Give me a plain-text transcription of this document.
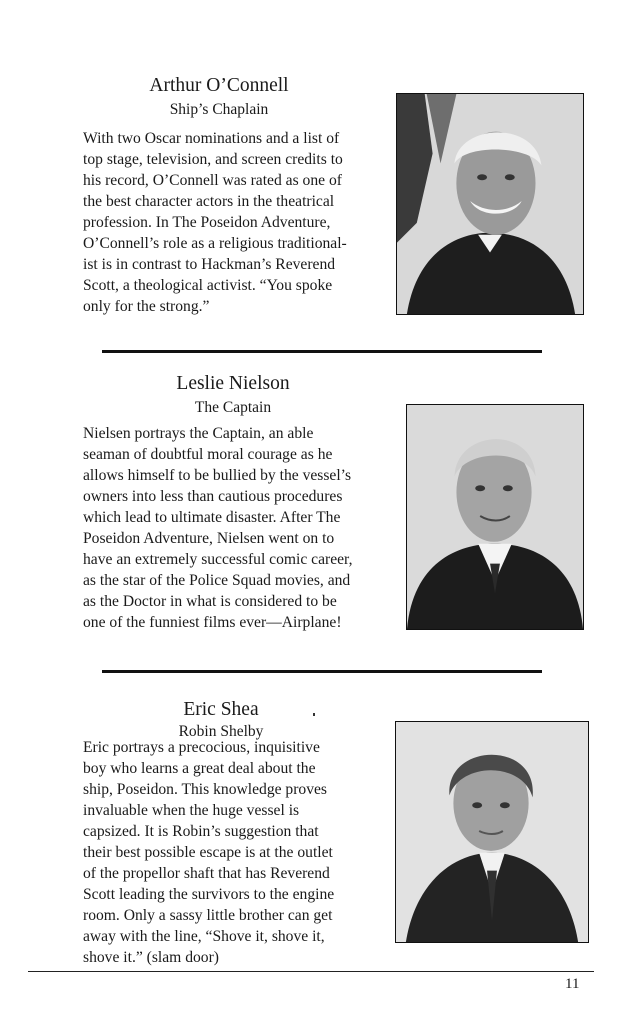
Arthur O’Connell
Ship’s Chaplain
With two Oscar nominations and a list of
top stage, television, and screen credits to
his record, O’Connell was rated as one of
the best character actors in the theatrical
profession. In The Poseidon Adventure,
O’Connell’s role as a religious traditional-
ist is in contrast to Hackman’s Reverend
Scott, a theological activist. “You spoke
only for the strong.”
Leslie Nielson
The Captain
Nielsen portrays the Captain, an able
seaman of doubtful moral courage as he
allows himself to be bullied by the vessel’s
owners into less than cautious procedures
which lead to ultimate disaster. After The
Poseidon Adventure, Nielsen went on to
have an extremely successful comic career,
as the star of the Police Squad movies, and
as the Doctor in what is considered to be
one of the funniest films ever—Airplane!
Eric Shea
Robin Shelby
Eric portrays a precocious, inquisitive
boy who learns a great deal about the
ship, Poseidon. This knowledge proves
invaluable when the huge vessel is
capsized. It is Robin’s suggestion that
their best possible escape is at the outlet
of the propellor shaft that has Reverend
Scott leading the survivors to the engine
room. Only a sassy little brother can get
away with the line, “Shove it, shove it,
shove it.” (slam door)
11
